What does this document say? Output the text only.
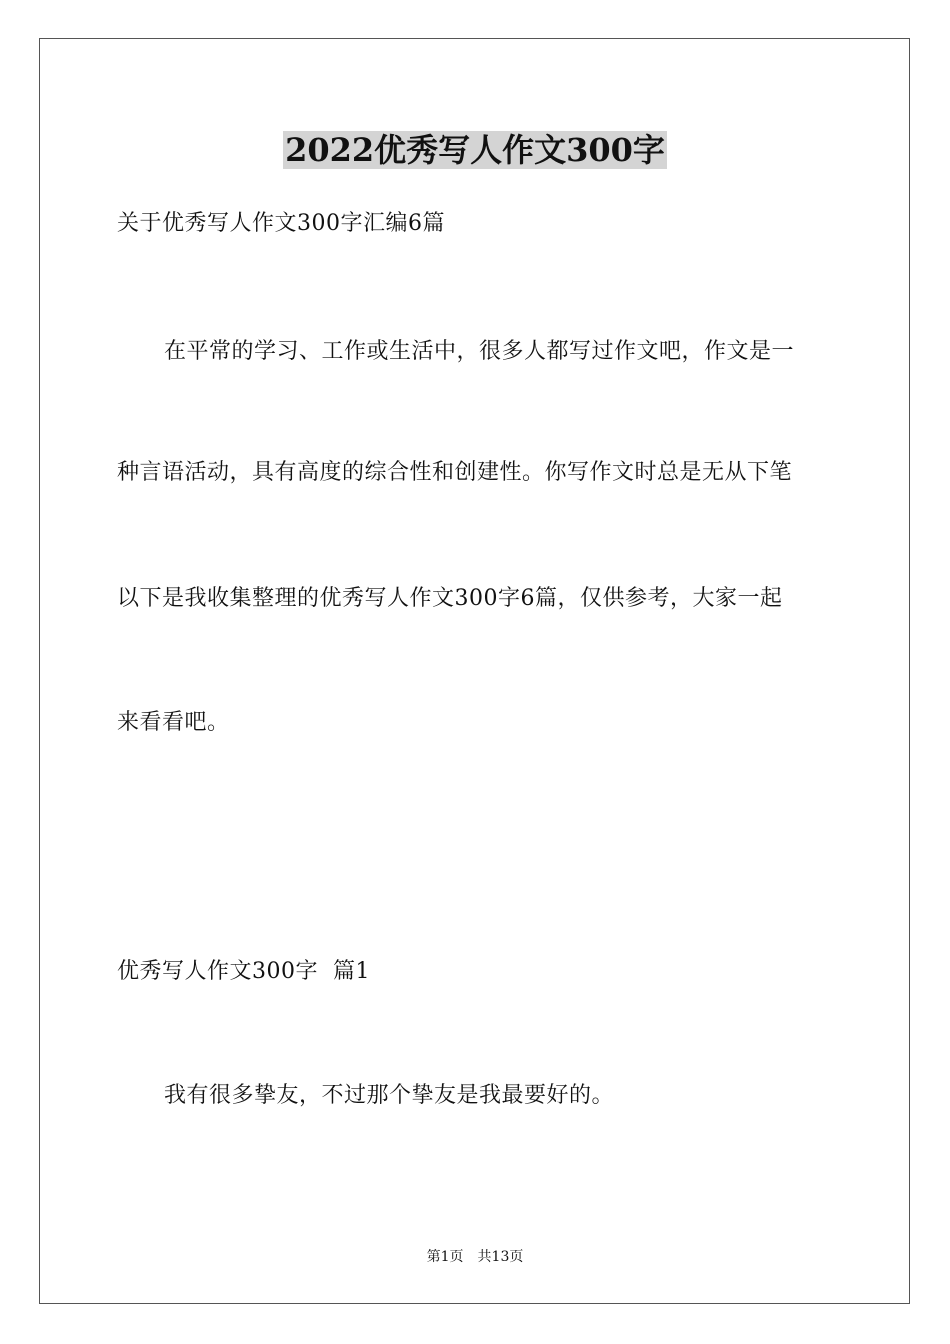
2022优秀写人作文300字
关于优秀写人作文300字汇编6篇
在平常的学习、工作或生活中，很多人都写过作文吧，作文是一
种言语活动，具有高度的综合性和创建性。你写作文时总是无从下笔
以下是我收集整理的优秀写人作文300字6篇，仅供参考，大家一起
来看看吧。
优秀写人作文300字  篇1
我有很多挚友，不过那个挚友是我最要好的。
第1页　共13页
